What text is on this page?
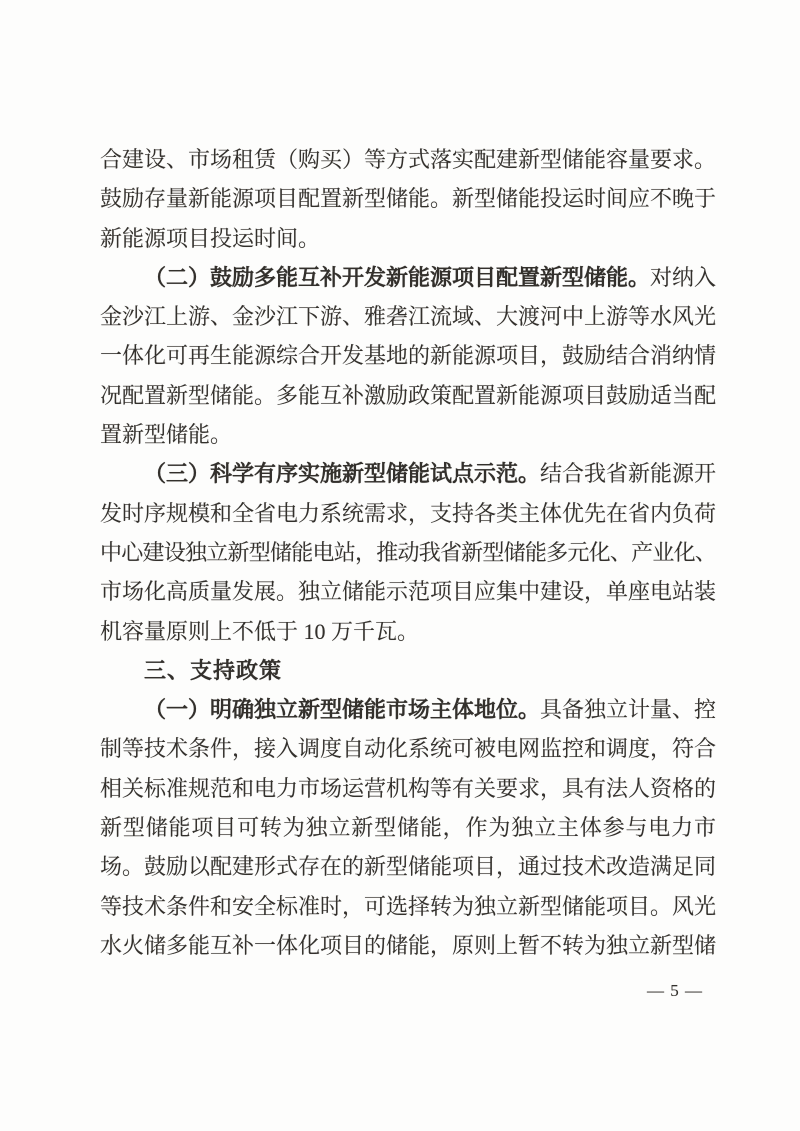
合建设、市场租赁（购买）等方式落实配建新型储能容量要求。
鼓励存量新能源项目配置新型储能。新型储能投运时间应不晚于
新能源项目投运时间。
（二）鼓励多能互补开发新能源项目配置新型储能。对纳入
金沙江上游、金沙江下游、雅砻江流域、大渡河中上游等水风光
一体化可再生能源综合开发基地的新能源项目，鼓励结合消纳情
况配置新型储能。多能互补激励政策配置新能源项目鼓励适当配
置新型储能。
（三）科学有序实施新型储能试点示范。结合我省新能源开
发时序规模和全省电力系统需求，支持各类主体优先在省内负荷
中心建设独立新型储能电站，推动我省新型储能多元化、产业化、
市场化高质量发展。独立储能示范项目应集中建设，单座电站装
机容量原则上不低于 10 万千瓦。
三、支持政策
（一）明确独立新型储能市场主体地位。具备独立计量、控
制等技术条件，接入调度自动化系统可被电网监控和调度，符合
相关标准规范和电力市场运营机构等有关要求，具有法人资格的
新型储能项目可转为独立新型储能，作为独立主体参与电力市
场。鼓励以配建形式存在的新型储能项目，通过技术改造满足同
等技术条件和安全标准时，可选择转为独立新型储能项目。风光
水火储多能互补一体化项目的储能，原则上暂不转为独立新型储
— 5 —
